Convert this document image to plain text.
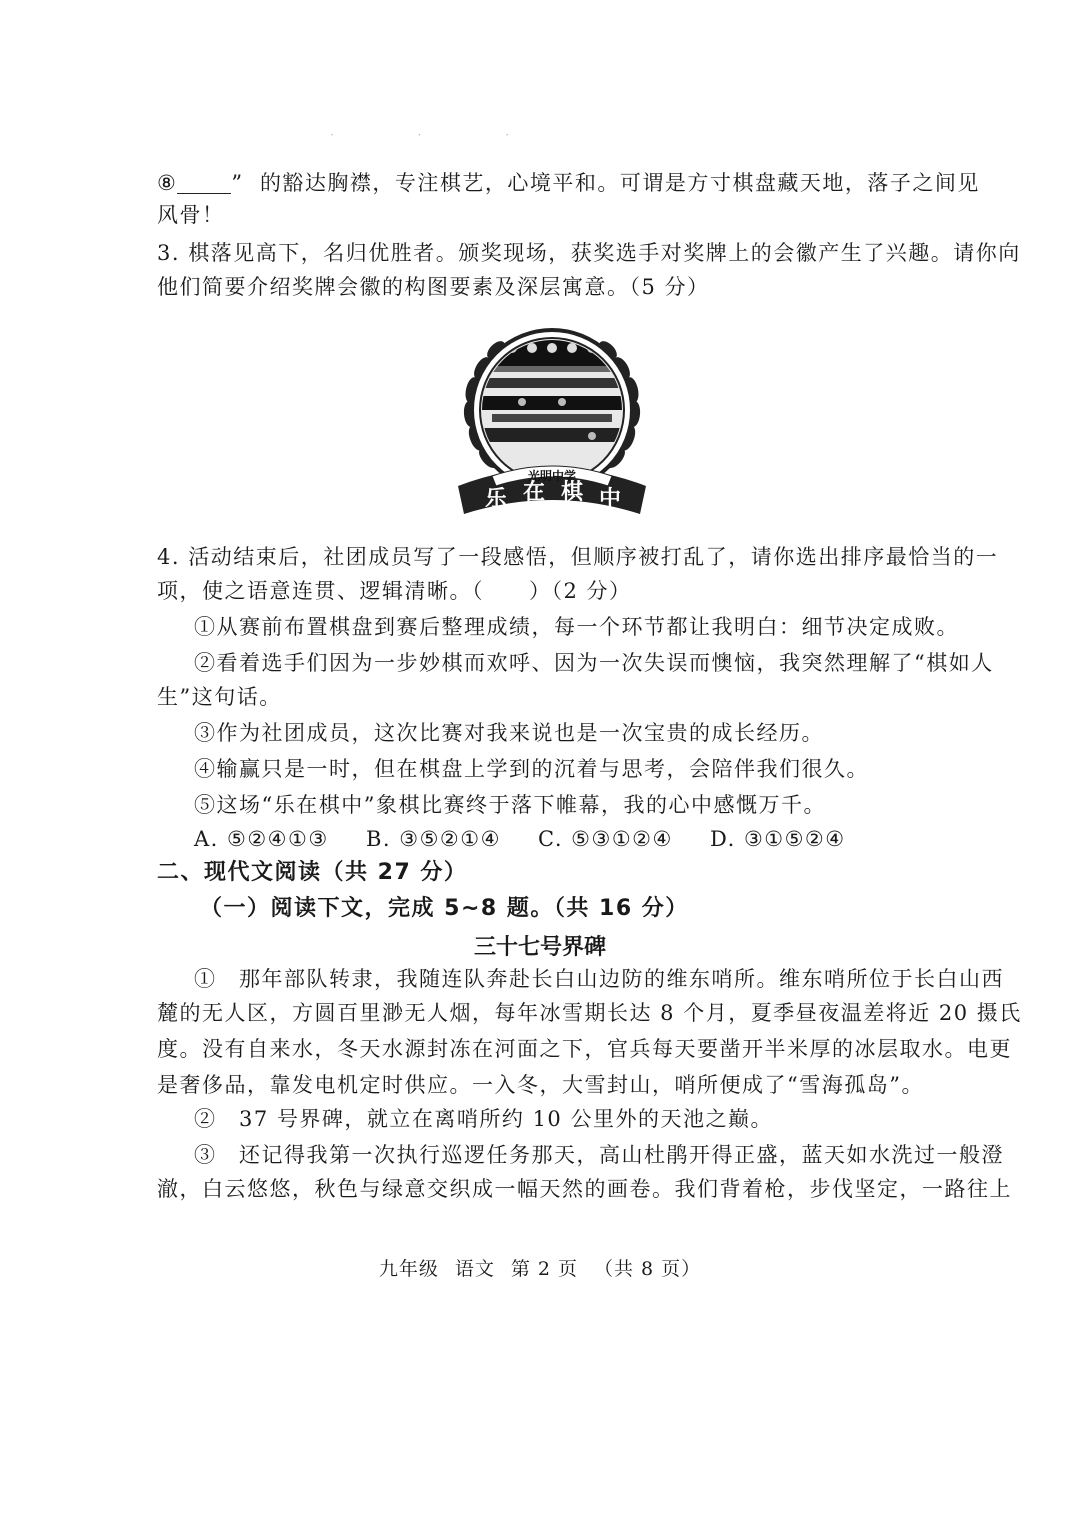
· · ·
⑧	” 的豁达胸襟，专注棋艺，心境平和。可谓是方寸棋盘藏天地，落子之间见
风骨！
3. 棋落见高下，名归优胜者。颁奖现场，获奖选手对奖牌上的会徽产生了兴趣。请你向
他们简要介绍奖牌会徽的构图要素及深层寓意。（5 分）
光明中学
乐 在 棋 中
4. 活动结束后，社团成员写了一段感悟，但顺序被打乱了，请你选出排序最恰当的一
项，使之语意连贯、逻辑清晰。（　　）（2 分）
①从赛前布置棋盘到赛后整理成绩，每一个环节都让我明白：细节决定成败。
②看着选手们因为一步妙棋而欢呼、因为一次失误而懊恼，我突然理解了“棋如人
生”这句话。
③作为社团成员，这次比赛对我来说也是一次宝贵的成长经历。
④输赢只是一时，但在棋盘上学到的沉着与思考，会陪伴我们很久。
⑤这场“乐在棋中”象棋比赛终于落下帷幕，我的心中感慨万千。
A. ⑤②④①③ B. ③⑤②①④ C. ⑤③①②④ D. ③①⑤②④
二、现代文阅读（共 27 分）
（一）阅读下文，完成 5~8 题。（共 16 分）
三十七号界碑
①　那年部队转隶，我随连队奔赴长白山边防的维东哨所。维东哨所位于长白山西
麓的无人区，方圆百里渺无人烟，每年冰雪期长达 8 个月，夏季昼夜温差将近 20 摄氏
度。没有自来水，冬天水源封冻在河面之下，官兵每天要凿开半米厚的冰层取水。电更
是奢侈品，靠发电机定时供应。一入冬，大雪封山，哨所便成了“雪海孤岛”。
②　37 号界碑，就立在离哨所约 10 公里外的天池之巅。
③　还记得我第一次执行巡逻任务那天，高山杜鹃开得正盛，蓝天如水洗过一般澄
澈，白云悠悠，秋色与绿意交织成一幅天然的画卷。我们背着枪，步伐坚定，一路往上
九年级 语文 第 2 页 （共 8 页）
